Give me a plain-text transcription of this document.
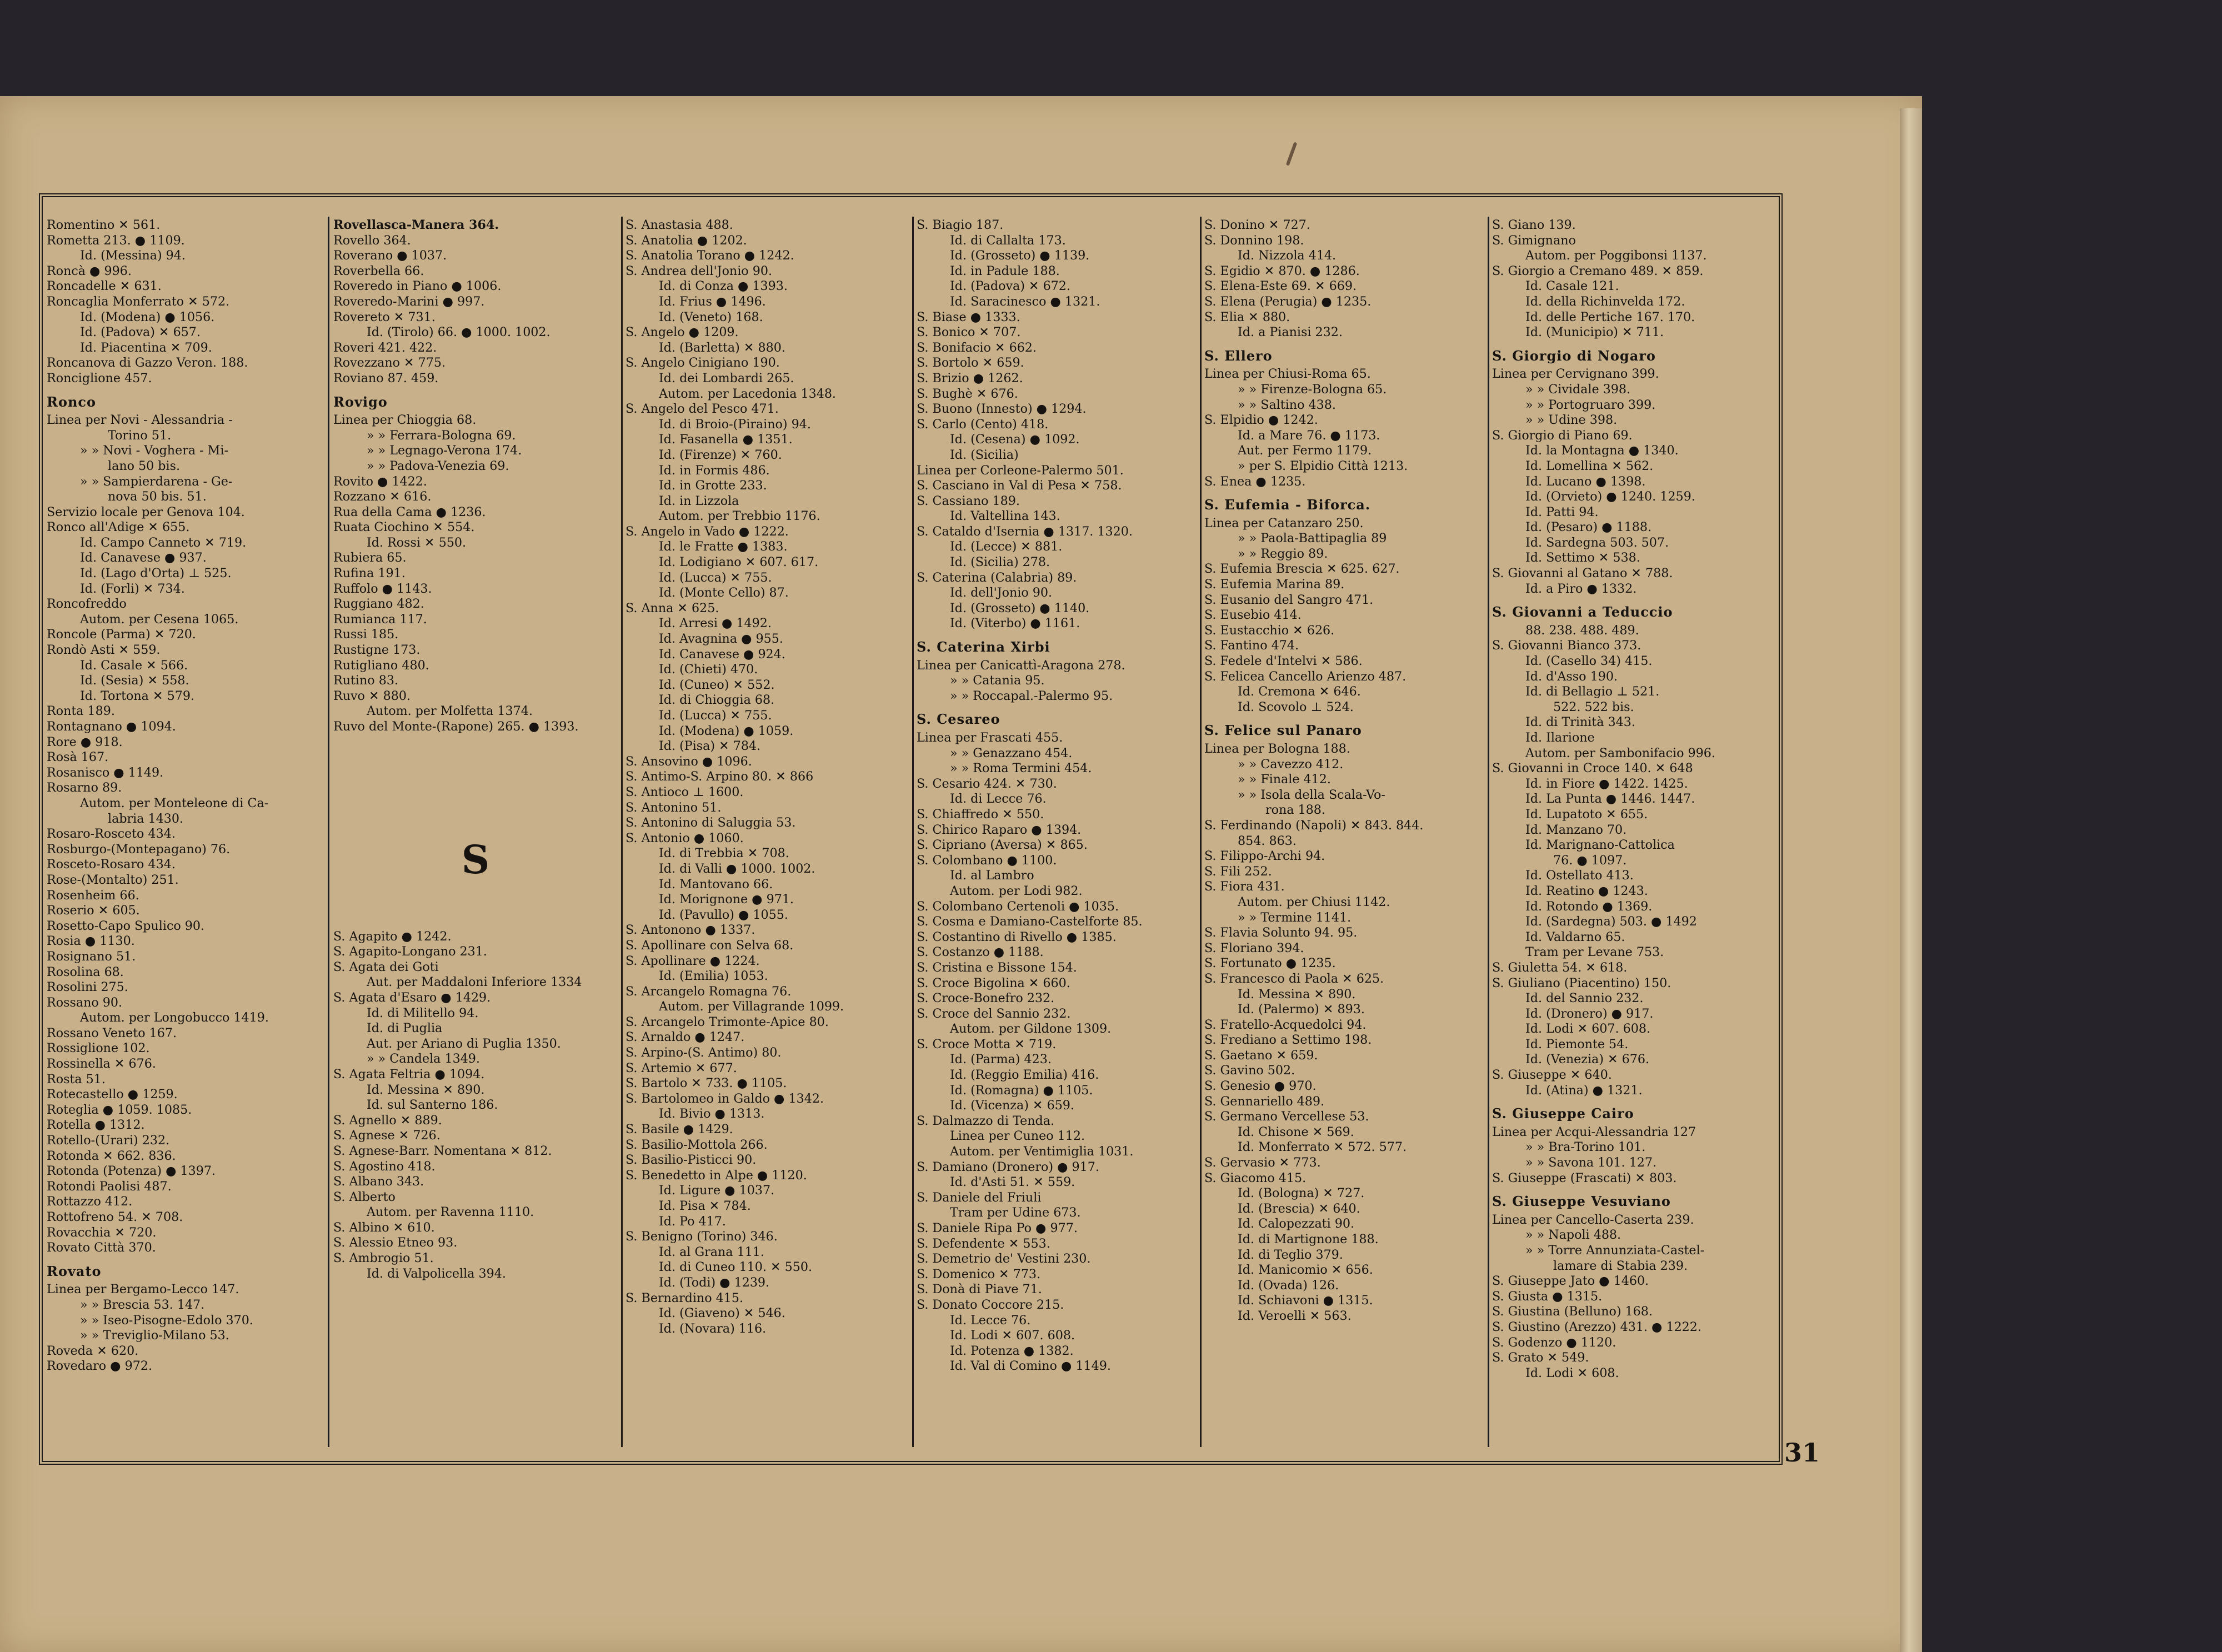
Romentino ✕ 561.
Rometta 213. ● 1109.
Id. (Messina) 94.
Roncà ● 996.
Roncadelle ✕ 631.
Roncaglia Monferrato ✕ 572.
Id. (Modena) ● 1056.
Id. (Padova) ✕ 657.
Id. Piacentina ✕ 709.
Roncanova di Gazzo Veron. 188.
Ronciglione 457.
Ronco
Linea per Novi - Alessandria -
Torino 51.
» » Novi - Voghera - Mi-
lano 50 bis.
» » Sampierdarena - Ge-
nova 50 bis. 51.
Servizio locale per Genova 104.
Ronco all'Adige ✕ 655.
Id. Campo Canneto ✕ 719.
Id. Canavese ● 937.
Id. (Lago d'Orta) ⊥ 525.
Id. (Forli) ✕ 734.
Roncofreddo
Autom. per Cesena 1065.
Roncole (Parma) ✕ 720.
Rondò Asti ✕ 559.
Id. Casale ✕ 566.
Id. (Sesia) ✕ 558.
Id. Tortona ✕ 579.
Ronta 189.
Rontagnano ● 1094.
Rore ● 918.
Rosà 167.
Rosanisco ● 1149.
Rosarno 89.
Autom. per Monteleone di Ca-
labria 1430.
Rosaro-Rosceto 434.
Rosburgo-(Montepagano) 76.
Rosceto-Rosaro 434.
Rose-(Montalto) 251.
Rosenheim 66.
Roserio ✕ 605.
Rosetto-Capo Spulico 90.
Rosia ● 1130.
Rosignano 51.
Rosolina 68.
Rosolini 275.
Rossano 90.
Autom. per Longobucco 1419.
Rossano Veneto 167.
Rossiglione 102.
Rossinella ✕ 676.
Rosta 51.
Rotecastello ● 1259.
Roteglia ● 1059. 1085.
Rotella ● 1312.
Rotello-(Urari) 232.
Rotonda ✕ 662. 836.
Rotonda (Potenza) ● 1397.
Rotondi Paolisi 487.
Rottazzo 412.
Rottofreno 54. ✕ 708.
Rovacchia ✕ 720.
Rovato Città 370.
Rovato
Linea per Bergamo-Lecco 147.
» » Brescia 53. 147.
» » Iseo-Pisogne-Edolo 370.
» » Treviglio-Milano 53.
Roveda ✕ 620.
Rovedaro ● 972.
Rovellasca-Manera 364.
Rovello 364.
Roverano ● 1037.
Roverbella 66.
Roveredo in Piano ● 1006.
Roveredo-Marini ● 997.
Rovereto ✕ 731.
Id. (Tirolo) 66. ● 1000. 1002.
Roveri 421. 422.
Rovezzano ✕ 775.
Roviano 87. 459.
Rovigo
Linea per Chioggia 68.
» » Ferrara-Bologna 69.
» » Legnago-Verona 174.
» » Padova-Venezia 69.
Rovito ● 1422.
Rozzano ✕ 616.
Rua della Cama ● 1236.
Ruata Ciochino ✕ 554.
Id. Rossi ✕ 550.
Rubiera 65.
Rufina 191.
Ruffolo ● 1143.
Ruggiano 482.
Rumianca 117.
Russi 185.
Rustigne 173.
Rutigliano 480.
Rutino 83.
Ruvo ✕ 880.
Autom. per Molfetta 1374.
Ruvo del Monte-(Rapone) 265. ● 1393.
S
S. Agapito ● 1242.
S. Agapito-Longano 231.
S. Agata dei Goti
Aut. per Maddaloni Inferiore 1334
S. Agata d'Esaro ● 1429.
Id. di Militello 94.
Id. di Puglia
Aut. per Ariano di Puglia 1350.
» » Candela 1349.
S. Agata Feltria ● 1094.
Id. Messina ✕ 890.
Id. sul Santerno 186.
S. Agnello ✕ 889.
S. Agnese ✕ 726.
S. Agnese-Barr. Nomentana ✕ 812.
S. Agostino 418.
S. Albano 343.
S. Alberto
Autom. per Ravenna 1110.
S. Albino ✕ 610.
S. Alessio Etneo 93.
S. Ambrogio 51.
Id. di Valpolicella 394.
S. Anastasia 488.
S. Anatolia ● 1202.
S. Anatolia Torano ● 1242.
S. Andrea dell'Jonio 90.
Id. di Conza ● 1393.
Id. Frius ● 1496.
Id. (Veneto) 168.
S. Angelo ● 1209.
Id. (Barletta) ✕ 880.
S. Angelo Cinigiano 190.
Id. dei Lombardi 265.
Autom. per Lacedonia 1348.
S. Angelo del Pesco 471.
Id. di Broio-(Piraino) 94.
Id. Fasanella ● 1351.
Id. (Firenze) ✕ 760.
Id. in Formis 486.
Id. in Grotte 233.
Id. in Lizzola
Autom. per Trebbio 1176.
S. Angelo in Vado ● 1222.
Id. le Fratte ● 1383.
Id. Lodigiano ✕ 607. 617.
Id. (Lucca) ✕ 755.
Id. (Monte Cello) 87.
S. Anna ✕ 625.
Id. Arresi ● 1492.
Id. Avagnina ● 955.
Id. Canavese ● 924.
Id. (Chieti) 470.
Id. (Cuneo) ✕ 552.
Id. di Chioggia 68.
Id. (Lucca) ✕ 755.
Id. (Modena) ● 1059.
Id. (Pisa) ✕ 784.
S. Ansovino ● 1096.
S. Antimo-S. Arpino 80. ✕ 866
S. Antioco ⊥ 1600.
S. Antonino 51.
S. Antonino di Saluggia 53.
S. Antonio ● 1060.
Id. di Trebbia ✕ 708.
Id. di Valli ● 1000. 1002.
Id. Mantovano 66.
Id. Morignone ● 971.
Id. (Pavullo) ● 1055.
S. Antonono ● 1337.
S. Apollinare con Selva 68.
S. Apollinare ● 1224.
Id. (Emilia) 1053.
S. Arcangelo Romagna 76.
Autom. per Villagrande 1099.
S. Arcangelo Trimonte-Apice 80.
S. Arnaldo ● 1247.
S. Arpino-(S. Antimo) 80.
S. Artemio ✕ 677.
S. Bartolo ✕ 733. ● 1105.
S. Bartolomeo in Galdo ● 1342.
Id. Bivio ● 1313.
S. Basile ● 1429.
S. Basilio-Mottola 266.
S. Basilio-Pisticci 90.
S. Benedetto in Alpe ● 1120.
Id. Ligure ● 1037.
Id. Pisa ✕ 784.
Id. Po 417.
S. Benigno (Torino) 346.
Id. al Grana 111.
Id. di Cuneo 110. ✕ 550.
Id. (Todi) ● 1239.
S. Bernardino 415.
Id. (Giaveno) ✕ 546.
Id. (Novara) 116.
S. Biagio 187.
Id. di Callalta 173.
Id. (Grosseto) ● 1139.
Id. in Padule 188.
Id. (Padova) ✕ 672.
Id. Saracinesco ● 1321.
S. Biase ● 1333.
S. Bonico ✕ 707.
S. Bonifacio ✕ 662.
S. Bortolo ✕ 659.
S. Brizio ● 1262.
S. Bughè ✕ 676.
S. Buono (Innesto) ● 1294.
S. Carlo (Cento) 418.
Id. (Cesena) ● 1092.
Id. (Sicilia)
Linea per Corleone-Palermo 501.
S. Casciano in Val di Pesa ✕ 758.
S. Cassiano 189.
Id. Valtellina 143.
S. Cataldo d'Isernia ● 1317. 1320.
Id. (Lecce) ✕ 881.
Id. (Sicilia) 278.
S. Caterina (Calabria) 89.
Id. dell'Jonio 90.
Id. (Grosseto) ● 1140.
Id. (Viterbo) ● 1161.
S. Caterina Xirbi
Linea per Canicattì-Aragona 278.
» » Catania 95.
» » Roccapal.-Palermo 95.
S. Cesareo
Linea per Frascati 455.
» » Genazzano 454.
» » Roma Termini 454.
S. Cesario 424. ✕ 730.
Id. di Lecce 76.
S. Chiaffredo ✕ 550.
S. Chirico Raparo ● 1394.
S. Cipriano (Aversa) ✕ 865.
S. Colombano ● 1100.
Id. al Lambro
Autom. per Lodi 982.
S. Colombano Certenoli ● 1035.
S. Cosma e Damiano-Castelforte 85.
S. Costantino di Rivello ● 1385.
S. Costanzo ● 1188.
S. Cristina e Bissone 154.
S. Croce Bigolina ✕ 660.
S. Croce-Bonefro 232.
S. Croce del Sannio 232.
Autom. per Gildone 1309.
S. Croce Motta ✕ 719.
Id. (Parma) 423.
Id. (Reggio Emilia) 416.
Id. (Romagna) ● 1105.
Id. (Vicenza) ✕ 659.
S. Dalmazzo di Tenda.
Linea per Cuneo 112.
Autom. per Ventimiglia 1031.
S. Damiano (Dronero) ● 917.
Id. d'Asti 51. ✕ 559.
S. Daniele del Friuli
Tram per Udine 673.
S. Daniele Ripa Po ● 977.
S. Defendente ✕ 553.
S. Demetrio de' Vestini 230.
S. Domenico ✕ 773.
S. Donà di Piave 71.
S. Donato Coccore 215.
Id. Lecce 76.
Id. Lodi ✕ 607. 608.
Id. Potenza ● 1382.
Id. Val di Comino ● 1149.
S. Donino ✕ 727.
S. Donnino 198.
Id. Nizzola 414.
S. Egidio ✕ 870. ● 1286.
S. Elena-Este 69. ✕ 669.
S. Elena (Perugia) ● 1235.
S. Elia ✕ 880.
Id. a Pianisi 232.
S. Ellero
Linea per Chiusi-Roma 65.
» » Firenze-Bologna 65.
» » Saltino 438.
S. Elpidio ● 1242.
Id. a Mare 76. ● 1173.
Aut. per Fermo 1179.
» per S. Elpidio Città 1213.
S. Enea ● 1235.
S. Eufemia - Biforca.
Linea per Catanzaro 250.
» » Paola-Battipaglia 89
» » Reggio 89.
S. Eufemia Brescia ✕ 625. 627.
S. Eufemia Marina 89.
S. Eusanio del Sangro 471.
S. Eusebio 414.
S. Eustacchio ✕ 626.
S. Fantino 474.
S. Fedele d'Intelvi ✕ 586.
S. Felicea Cancello Arienzo 487.
Id. Cremona ✕ 646.
Id. Scovolo ⊥ 524.
S. Felice sul Panaro
Linea per Bologna 188.
» » Cavezzo 412.
» » Finale 412.
» » Isola della Scala-Vo-
rona 188.
S. Ferdinando (Napoli) ✕ 843. 844.
854. 863.
S. Filippo-Archi 94.
S. Fili 252.
S. Fiora 431.
Autom. per Chiusi 1142.
» » Termine 1141.
S. Flavia Solunto 94. 95.
S. Floriano 394.
S. Fortunato ● 1235.
S. Francesco di Paola ✕ 625.
Id. Messina ✕ 890.
Id. (Palermo) ✕ 893.
S. Fratello-Acquedolci 94.
S. Frediano a Settimo 198.
S. Gaetano ✕ 659.
S. Gavino 502.
S. Genesio ● 970.
S. Gennariello 489.
S. Germano Vercellese 53.
Id. Chisone ✕ 569.
Id. Monferrato ✕ 572. 577.
S. Gervasio ✕ 773.
S. Giacomo 415.
Id. (Bologna) ✕ 727.
Id. (Brescia) ✕ 640.
Id. Calopezzati 90.
Id. di Martignone 188.
Id. di Teglio 379.
Id. Manicomio ✕ 656.
Id. (Ovada) 126.
Id. Schiavoni ● 1315.
Id. Veroelli ✕ 563.
S. Giano 139.
S. Gimignano
Autom. per Poggibonsi 1137.
S. Giorgio a Cremano 489. ✕ 859.
Id. Casale 121.
Id. della Richinvelda 172.
Id. delle Pertiche 167. 170.
Id. (Municipio) ✕ 711.
S. Giorgio di Nogaro
Linea per Cervignano 399.
» » Cividale 398.
» » Portogruaro 399.
» » Udine 398.
S. Giorgio di Piano 69.
Id. la Montagna ● 1340.
Id. Lomellina ✕ 562.
Id. Lucano ● 1398.
Id. (Orvieto) ● 1240. 1259.
Id. Patti 94.
Id. (Pesaro) ● 1188.
Id. Sardegna 503. 507.
Id. Settimo ✕ 538.
S. Giovanni al Gatano ✕ 788.
Id. a Piro ● 1332.
S. Giovanni a Teduccio
88. 238. 488. 489.
S. Giovanni Bianco 373.
Id. (Casello 34) 415.
Id. d'Asso 190.
Id. di Bellagio ⊥ 521.
522. 522 bis.
Id. di Trinità 343.
Id. Ilarione
Autom. per Sambonifacio 996.
S. Giovanni in Croce 140. ✕ 648
Id. in Fiore ● 1422. 1425.
Id. La Punta ● 1446. 1447.
Id. Lupatoto ✕ 655.
Id. Manzano 70.
Id. Marignano-Cattolica
76. ● 1097.
Id. Ostellato 413.
Id. Reatino ● 1243.
Id. Rotondo ● 1369.
Id. (Sardegna) 503. ● 1492
Id. Valdarno 65.
Tram per Levane 753.
S. Giuletta 54. ✕ 618.
S. Giuliano (Piacentino) 150.
Id. del Sannio 232.
Id. (Dronero) ● 917.
Id. Lodi ✕ 607. 608.
Id. Piemonte 54.
Id. (Venezia) ✕ 676.
S. Giuseppe ✕ 640.
Id. (Atina) ● 1321.
S. Giuseppe Cairo
Linea per Acqui-Alessandria 127
» » Bra-Torino 101.
» » Savona 101. 127.
S. Giuseppe (Frascati) ✕ 803.
S. Giuseppe Vesuviano
Linea per Cancello-Caserta 239.
» » Napoli 488.
» » Torre Annunziata-Castel-
lamare di Stabia 239.
S. Giuseppe Jato ● 1460.
S. Giusta ● 1315.
S. Giustina (Belluno) 168.
S. Giustino (Arezzo) 431. ● 1222.
S. Godenzo ● 1120.
S. Grato ✕ 549.
Id. Lodi ✕ 608.
31
